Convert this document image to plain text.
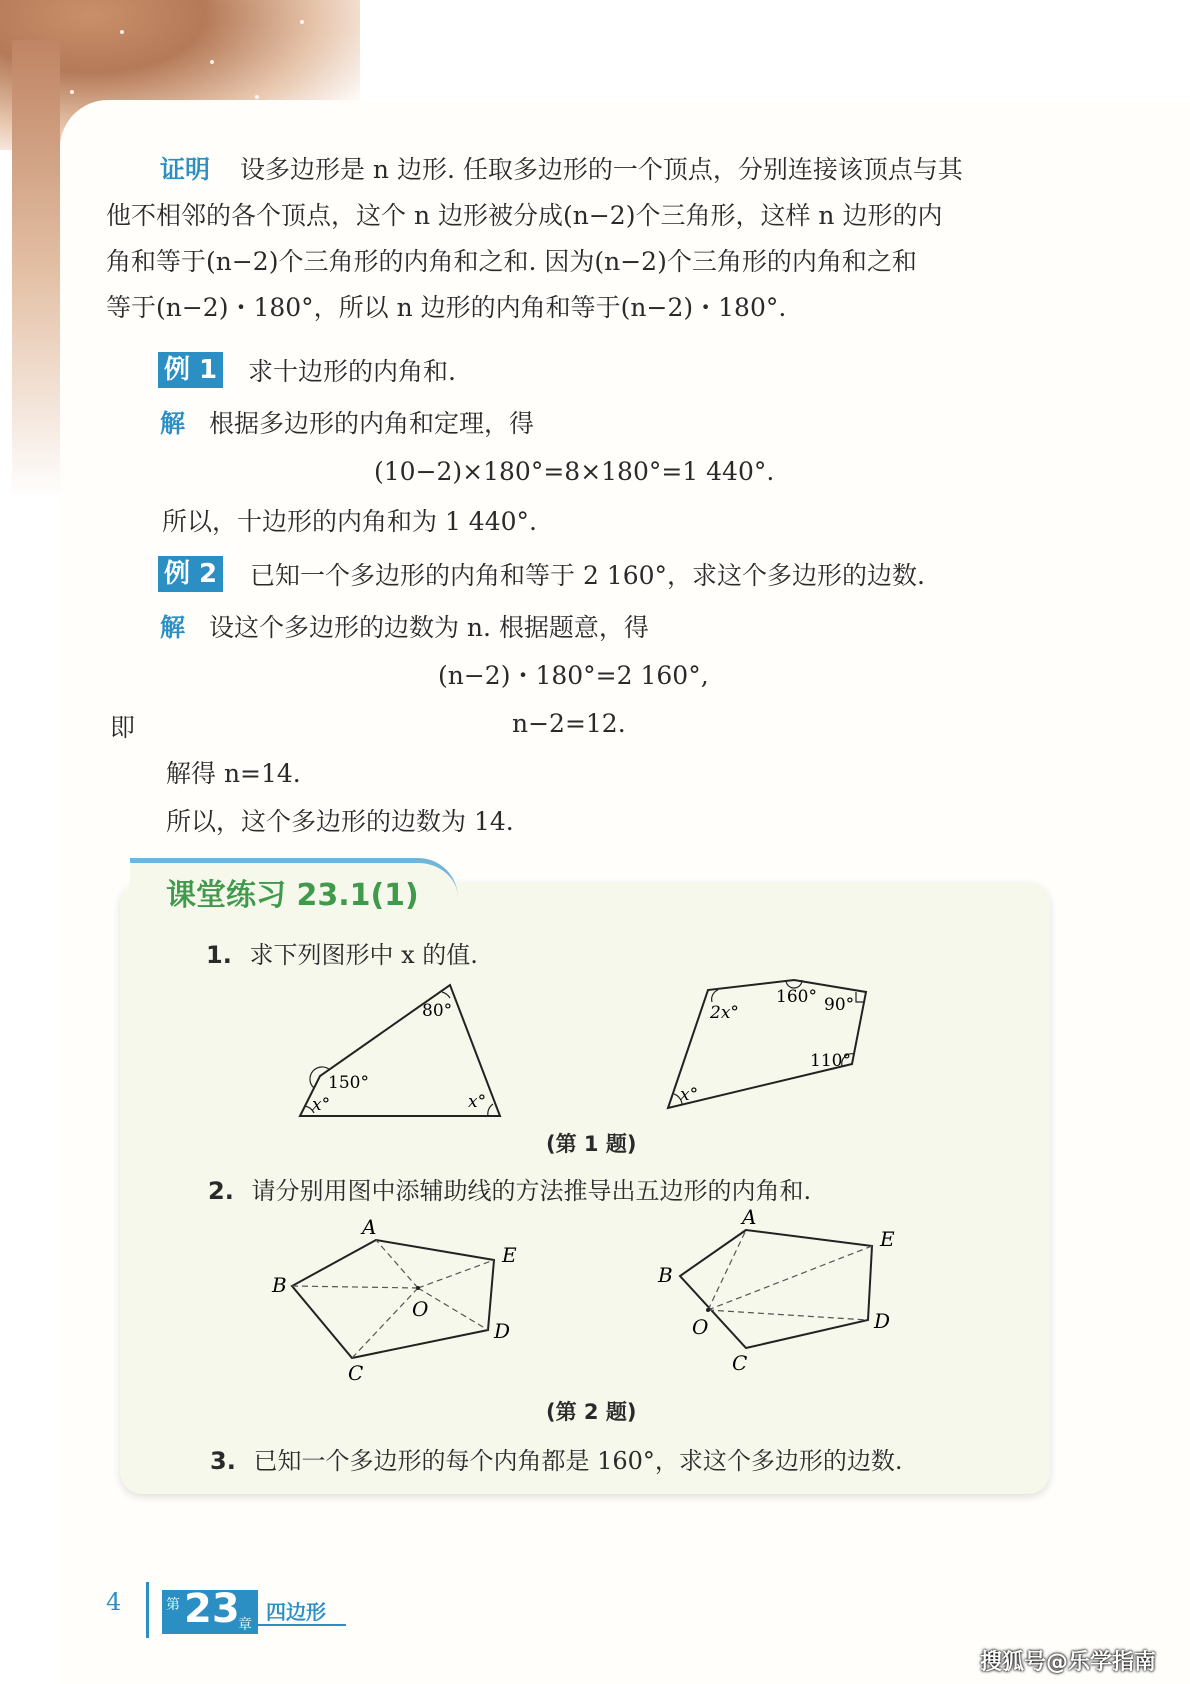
证明 设多边形是 n 边形. 任取多边形的一个顶点，分别连接该顶点与其
他不相邻的各个顶点，这个 n 边形被分成(n−2)个三角形，这样 n 边形的内
角和等于(n−2)个三角形的内角和之和. 因为(n−2)个三角形的内角和之和
等于(n−2)・180°，所以 n 边形的内角和等于(n−2)・180°.
例 1 求十边形的内角和.
解 根据多边形的内角和定理，得
(10−2)×180°=8×180°=1 440°.
所以，十边形的内角和为 1 440°.
例 2 已知一个多边形的内角和等于 2 160°，求这个多边形的边数.
解 设这个多边形的边数为 n. 根据题意，得
(n−2)・180°=2 160°,
即	n−2=12.
解得 n=14.
所以，这个多边形的边数为 14.
课堂练习 23.1(1)
1. 求下列图形中 x 的值.
80°
150°
x°	x°
160° 90°
2x°
110°
x°
(第 1 题)
2. 请分别用图中添辅助线的方法推导出五边形的内角和.
A
B
C
D
E
O
A
B
C
D
E
O
(第 2 题)
3. 已知一个多边形的每个内角都是 160°，求这个多边形的边数.
4	第 23
章
四边形
搜狐号@乐学指南
